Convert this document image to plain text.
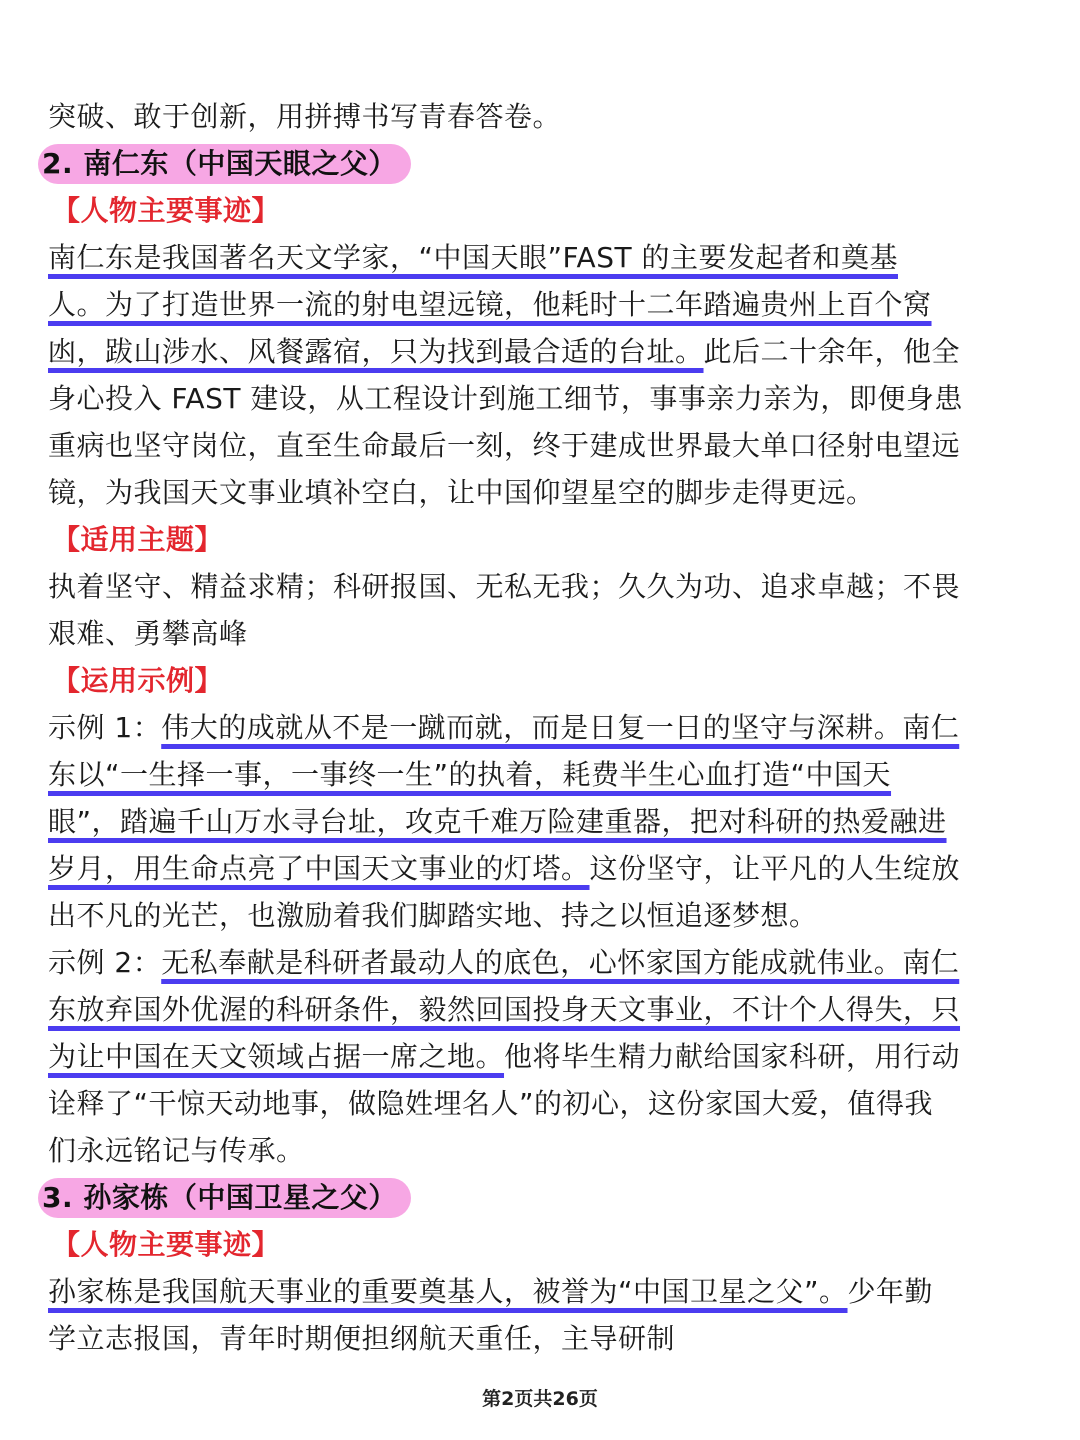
突破、敢于创新，用拼搏书写青春答卷。
2. 南仁东（中国天眼之父）
【人物主要事迹】
南仁东是我国著名天文学家，“中国天眼”FAST 的主要发起者和奠基
人。为了打造世界一流的射电望远镜，他耗时十二年踏遍贵州上百个窝
凼，跋山涉水、风餐露宿，只为找到最合适的台址。此后二十余年，他全
身心投入 FAST 建设，从工程设计到施工细节，事事亲力亲为，即便身患
重病也坚守岗位，直至生命最后一刻，终于建成世界最大单口径射电望远
镜，为我国天文事业填补空白，让中国仰望星空的脚步走得更远。
【适用主题】
执着坚守、精益求精；科研报国、无私无我；久久为功、追求卓越；不畏
艰难、勇攀高峰
【运用示例】
示例 1：伟大的成就从不是一蹴而就，而是日复一日的坚守与深耕。南仁
东以“一生择一事，一事终一生”的执着，耗费半生心血打造“中国天
眼”，踏遍千山万水寻台址，攻克千难万险建重器，把对科研的热爱融进
岁月，用生命点亮了中国天文事业的灯塔。这份坚守，让平凡的人生绽放
出不凡的光芒，也激励着我们脚踏实地、持之以恒追逐梦想。
示例 2：无私奉献是科研者最动人的底色，心怀家国方能成就伟业。南仁
东放弃国外优渥的科研条件，毅然回国投身天文事业，不计个人得失，只
为让中国在天文领域占据一席之地。他将毕生精力献给国家科研，用行动
诠释了“干惊天动地事，做隐姓埋名人”的初心，这份家国大爱，值得我
们永远铭记与传承。
3. 孙家栋（中国卫星之父）
【人物主要事迹】
孙家栋是我国航天事业的重要奠基人，被誉为“中国卫星之父”。少年勤
学立志报国，青年时期便担纲航天重任，主导研制
第2页共26页
